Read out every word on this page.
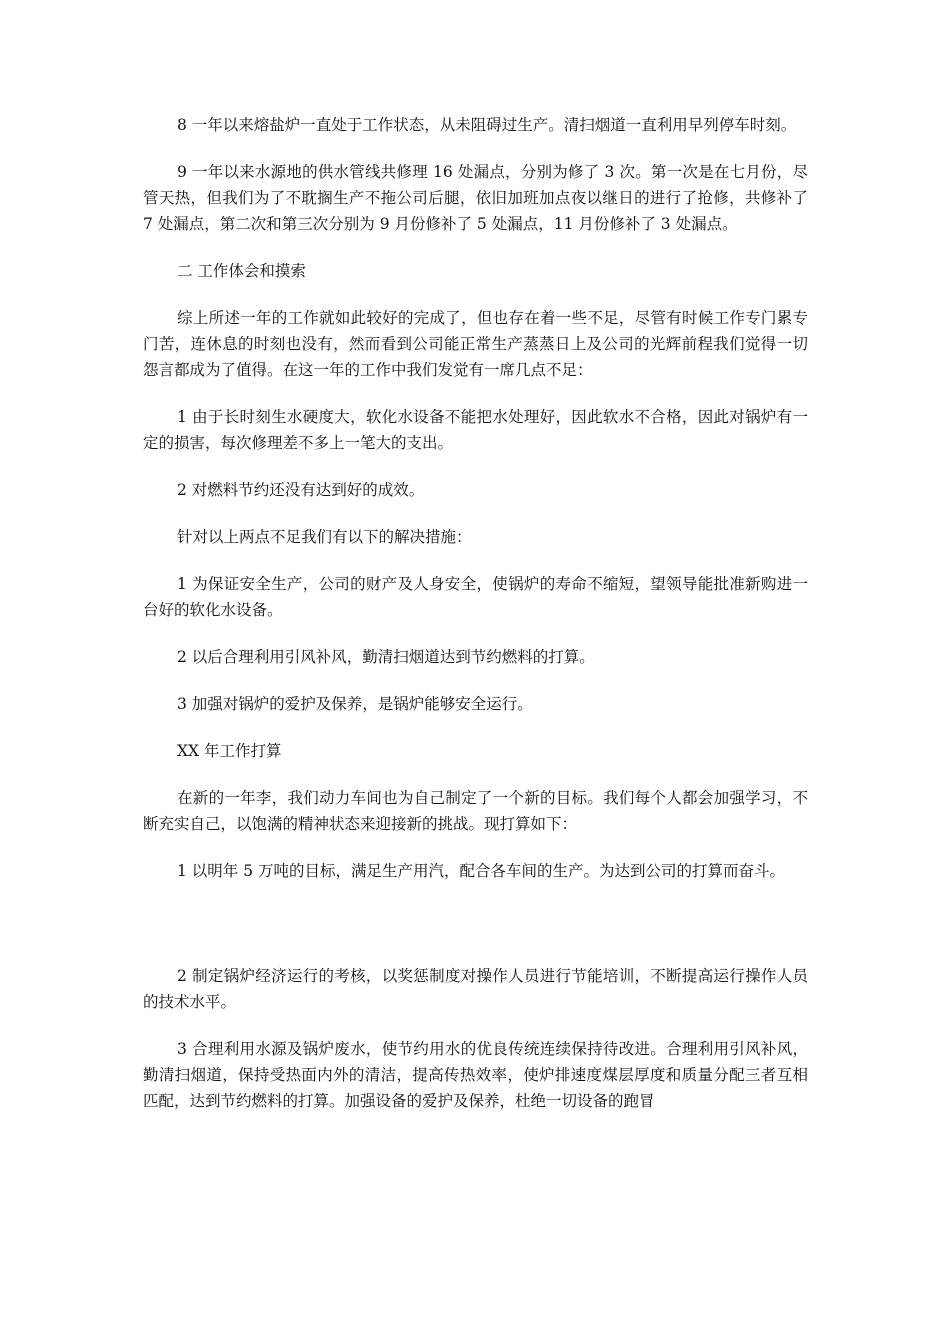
8 一年以来熔盐炉一直处于工作状态，从未阻碍过生产。清扫烟道一直利用早列停车时刻。

9 一年以来水源地的供水管线共修理 16 处漏点，分别为修了 3 次。第一次是在七月份，尽管天热，但我们为了不耽搁生产不拖公司后腿，依旧加班加点夜以继日的进行了抢修，共修补了 7 处漏点，第二次和第三次分别为 9 月份修补了 5 处漏点，11 月份修补了 3 处漏点。

二 工作体会和摸索

综上所述一年的工作就如此较好的完成了，但也存在着一些不足，尽管有时候工作专门累专门苦，连休息的时刻也没有，然而看到公司能正常生产蒸蒸日上及公司的光辉前程我们觉得一切怨言都成为了值得。在这一年的工作中我们发觉有一席几点不足：

1 由于长时刻生水硬度大，软化水设备不能把水处理好，因此软水不合格，因此对锅炉有一定的损害，每次修理差不多上一笔大的支出。

2 对燃料节约还没有达到好的成效。

针对以上两点不足我们有以下的解决措施：

1 为保证安全生产，公司的财产及人身安全，使锅炉的寿命不缩短，望领导能批准新购进一台好的软化水设备。

2 以后合理利用引风补风，勤清扫烟道达到节约燃料的打算。

3 加强对锅炉的爱护及保养，是锅炉能够安全运行。

XX 年工作打算

在新的一年李，我们动力车间也为自己制定了一个新的目标。我们每个人都会加强学习，不断充实自己，以饱满的精神状态来迎接新的挑战。现打算如下：

1 以明年 5 万吨的目标，满足生产用汽，配合各车间的生产。为达到公司的打算而奋斗。

2 制定锅炉经济运行的考核，以奖惩制度对操作人员进行节能培训，不断提高运行操作人员的技术水平。

3 合理利用水源及锅炉废水，使节约用水的优良传统连续保持待改进。合理利用引风补风，勤清扫烟道，保持受热面内外的清洁，提高传热效率，使炉排速度煤层厚度和质量分配三者互相匹配，达到节约燃料的打算。加强设备的爱护及保养，杜绝一切设备的跑冒
